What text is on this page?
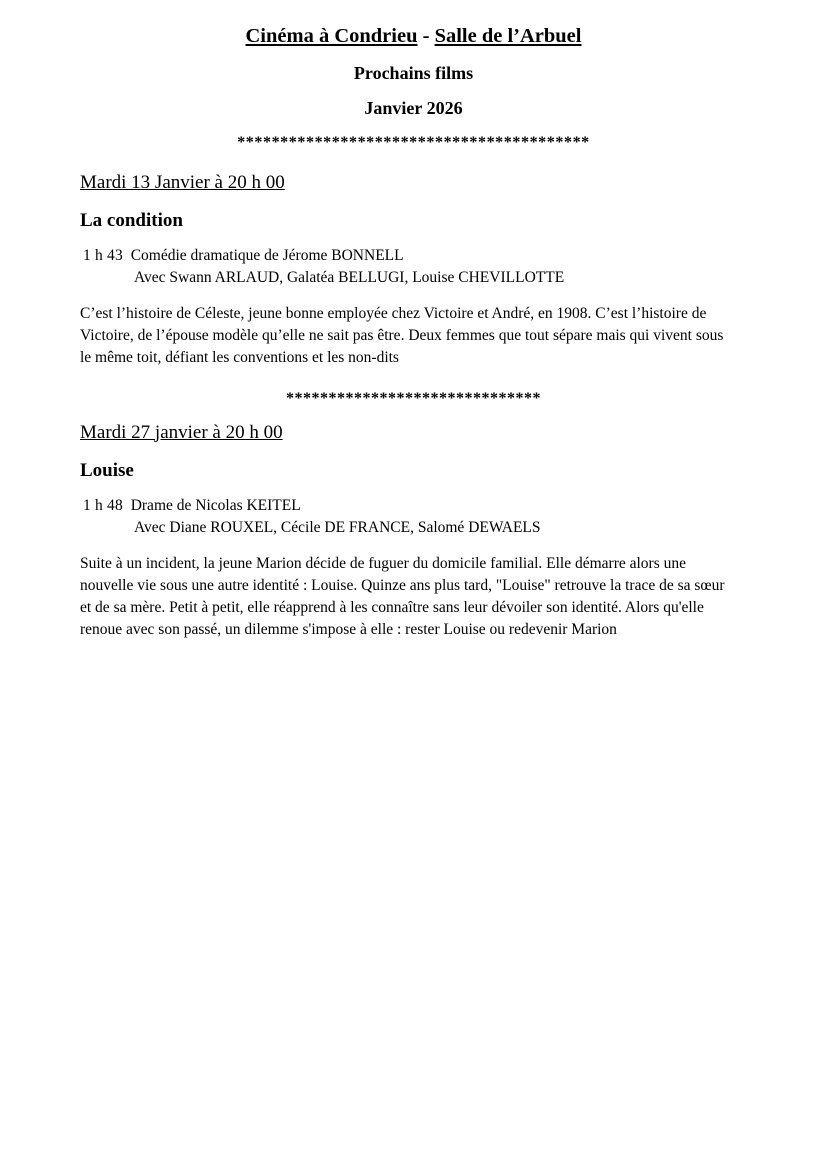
Cinéma à Condrieu - Salle de l’Arbuel
Prochains films
Janvier 2026
*****************************************
Mardi 13 Janvier à 20 h 00
La condition
1 h 43 Comédie dramatique de Jérome BONNELL
Avec Swann ARLAUD, Galatéa BELLUGI, Louise CHEVILLOTTE

C’est l’histoire de Céleste, jeune bonne employée chez Victoire et André, en 1908. C’est l’histoire de Victoire, de l’épouse modèle qu’elle ne sait pas être. Deux femmes que tout sépare mais qui vivent sous le même toit, défiant les conventions et les non-dits

******************************
Mardi 27 janvier à 20 h 00
Louise
1 h 48 Drame de Nicolas KEITEL
Avec Diane ROUXEL, Cécile DE FRANCE, Salomé DEWAELS

Suite à un incident, la jeune Marion décide de fuguer du domicile familial. Elle démarre alors une nouvelle vie sous une autre identité : Louise. Quinze ans plus tard, "Louise" retrouve la trace de sa sœur et de sa mère. Petit à petit, elle réapprend à les connaître sans leur dévoiler son identité. Alors qu'elle renoue avec son passé, un dilemme s'impose à elle : rester Louise ou redevenir Marion
